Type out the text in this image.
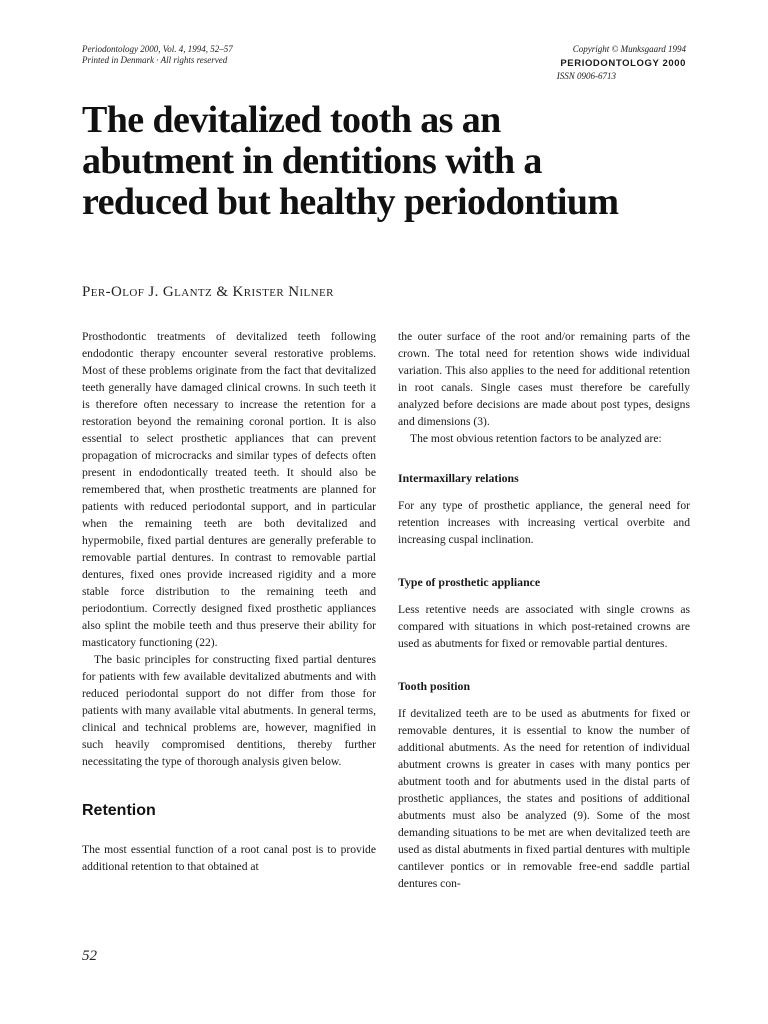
Periodontology 2000, Vol. 4, 1994, 52–57
Printed in Denmark · All rights reserved
Copyright © Munksgaard 1994
PERIODONTOLOGY 2000
ISSN 0906-6713
The devitalized tooth as an abutment in dentitions with a reduced but healthy periodontium
Per-Olof J. Glantz & Krister Nilner

Prosthodontic treatments of devitalized teeth following endodontic therapy encounter several restorative problems. Most of these problems originate from the fact that devitalized teeth generally have damaged clinical crowns. In such teeth it is therefore often necessary to increase the retention for a restoration beyond the remaining coronal portion. It is also essential to select prosthetic appliances that can prevent propagation of microcracks and similar types of defects often present in endodontically treated teeth. It should also be remembered that, when prosthetic treatments are planned for patients with reduced periodontal support, and in particular when the remaining teeth are both devitalized and hypermobile, fixed partial dentures are generally preferable to removable partial dentures. In contrast to removable partial dentures, fixed ones provide increased rigidity and a more stable force distribution to the remaining teeth and periodontium. Correctly designed fixed prosthetic appliances also splint the mobile teeth and thus preserve their ability for masticatory functioning (22).

The basic principles for constructing fixed partial dentures for patients with few available devitalized abutments and with reduced periodontal support do not differ from those for patients with many available vital abutments. In general terms, clinical and technical problems are, however, magnified in such heavily compromised dentitions, thereby further necessitating the type of thorough analysis given below.

Retention

The most essential function of a root canal post is to provide additional retention to that obtained at

the outer surface of the root and/or remaining parts of the crown. The total need for retention shows wide individual variation. This also applies to the need for additional retention in root canals. Single cases must therefore be carefully analyzed before decisions are made about post types, designs and dimensions (3).

The most obvious retention factors to be analyzed are:

Intermaxillary relations

For any type of prosthetic appliance, the general need for retention increases with increasing vertical overbite and increasing cuspal inclination.

Type of prosthetic appliance

Less retentive needs are associated with single crowns as compared with situations in which post-retained crowns are used as abutments for fixed or removable partial dentures.

Tooth position

If devitalized teeth are to be used as abutments for fixed or removable dentures, it is essential to know the number of additional abutments. As the need for retention of individual abutment crowns is greater in cases with many pontics per abutment tooth and for abutments used in the distal parts of prosthetic appliances, the states and positions of additional abutments must also be analyzed (9). Some of the most demanding situations to be met are when devitalized teeth are used as distal abutments in fixed partial dentures with multiple cantilever pontics or in removable free-end saddle partial dentures con-

52
